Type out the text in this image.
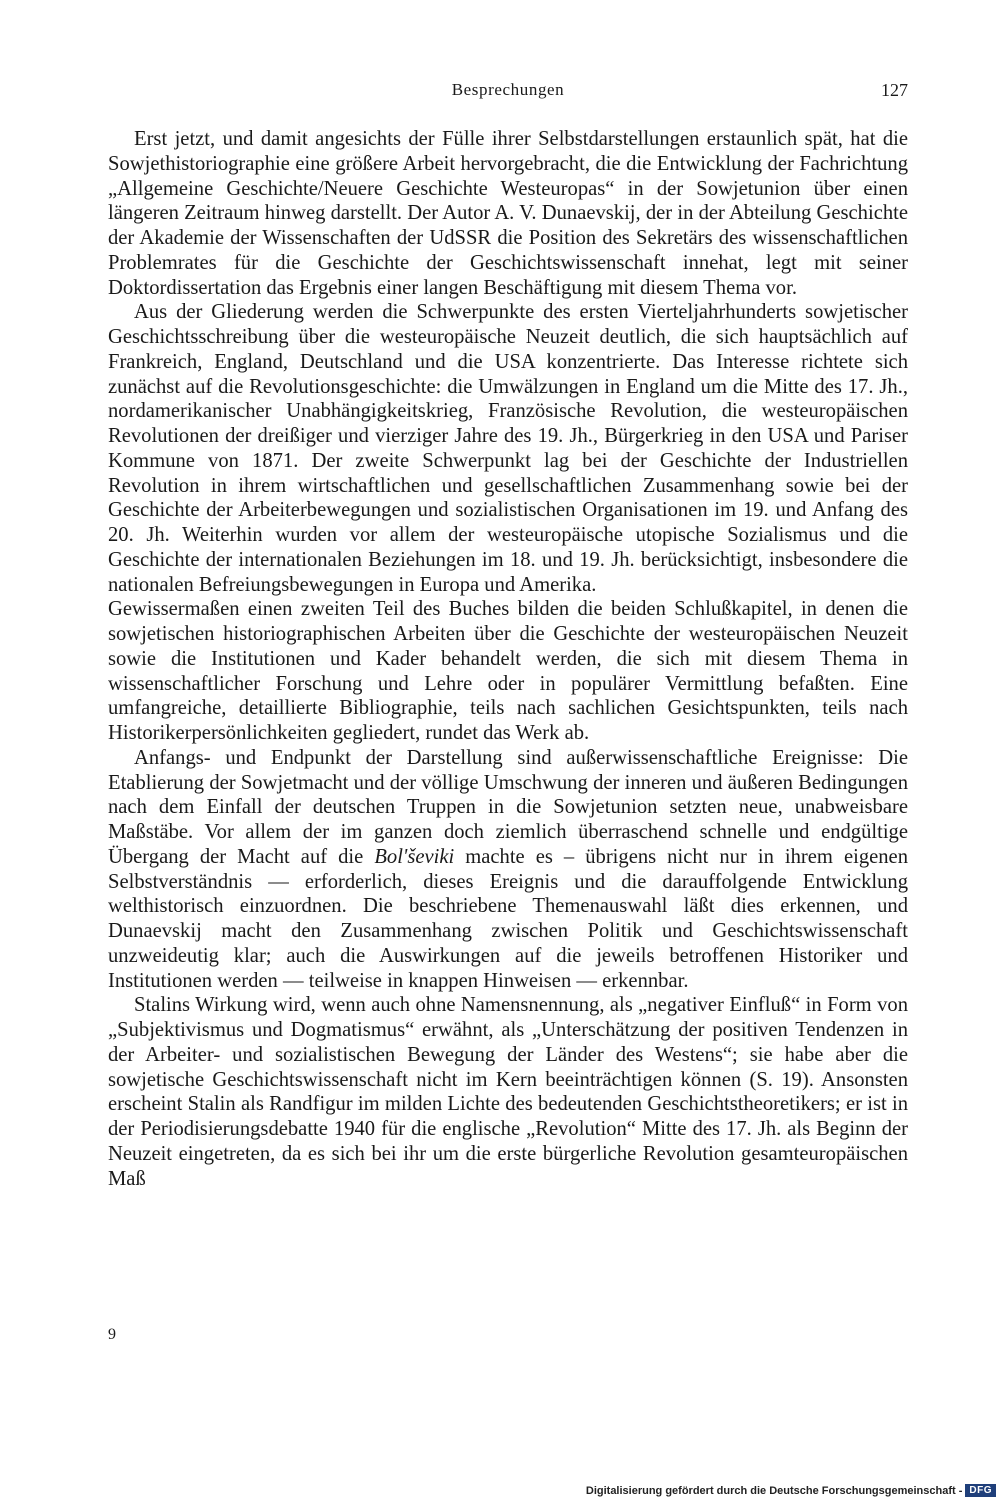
Besprechungen	127

Erst jetzt, und damit angesichts der Fülle ihrer Selbstdarstellungen erstaunlich spät, hat die Sowjethistoriographie eine größere Arbeit hervorgebracht, die die Entwicklung der Fachrichtung „Allgemeine Geschichte/Neuere Geschichte Westeuropas“ in der Sowjetunion über einen längeren Zeitraum hinweg darstellt. Der Autor A. V. Dunaevskij, der in der Abteilung Geschichte der Akademie der Wissenschaften der UdSSR die Position des Sekretärs des wissenschaftlichen Problemrates für die Geschichte der Geschichtswissenschaft innehat, legt mit seiner Doktordissertation das Ergebnis einer langen Beschäftigung mit diesem Thema vor.

Aus der Gliederung werden die Schwerpunkte des ersten Vierteljahrhunderts sowjetischer Geschichtsschreibung über die westeuropäische Neuzeit deutlich, die sich hauptsächlich auf Frankreich, England, Deutschland und die USA konzentrierte. Das Interesse richtete sich zunächst auf die Revolutionsgeschichte: die Umwälzungen in England um die Mitte des 17. Jh., nordamerikanischer Unabhängigkeitskrieg, Französische Revolution, die westeuropäischen Revolutionen der dreißiger und vierziger Jahre des 19. Jh., Bürgerkrieg in den USA und Pariser Kommune von 1871. Der zweite Schwerpunkt lag bei der Geschichte der Industriellen Revolution in ihrem wirtschaftlichen und gesellschaftlichen Zusammenhang sowie bei der Geschichte der Arbeiterbewegungen und sozialistischen Organisationen im 19. und Anfang des 20. Jh. Weiterhin wurden vor allem der westeuropäische utopische Sozialismus und die Geschichte der internationalen Beziehungen im 18. und 19. Jh. berücksichtigt, insbesondere die nationalen Befreiungsbewegungen in Europa und Amerika.

Gewissermaßen einen zweiten Teil des Buches bilden die beiden Schlußkapitel, in denen die sowjetischen historiographischen Arbeiten über die Geschichte der westeuropäischen Neuzeit sowie die Institutionen und Kader behandelt werden, die sich mit diesem Thema in wissenschaftlicher Forschung und Lehre oder in populärer Vermittlung befaßten. Eine umfangreiche, detaillierte Bibliographie, teils nach sachlichen Gesichtspunkten, teils nach Historikerpersönlichkeiten gegliedert, rundet das Werk ab.

Anfangs- und Endpunkt der Darstellung sind außerwissenschaftliche Ereignisse: Die Etablierung der Sowjetmacht und der völlige Umschwung der inneren und äußeren Bedingungen nach dem Einfall der deutschen Truppen in die Sowjetunion setzten neue, unabweisbare Maßstäbe. Vor allem der im ganzen doch ziemlich überraschend schnelle und endgültige Übergang der Macht auf die Bol'ševiki machte es – übrigens nicht nur in ihrem eigenen Selbstverständnis — erforderlich, dieses Ereignis und die darauffolgende Entwicklung welthistorisch einzuordnen. Die beschriebene Themenauswahl läßt dies erkennen, und Dunaevskij macht den Zusammenhang zwischen Politik und Geschichtswissenschaft unzweideutig klar; auch die Auswirkungen auf die jeweils betroffenen Historiker und Institutionen werden — teilweise in knappen Hinweisen — erkennbar.

Stalins Wirkung wird, wenn auch ohne Namensnennung, als „negativer Einfluß“ in Form von „Subjektivismus und Dogmatismus“ erwähnt, als „Unterschätzung der positiven Tendenzen in der Arbeiter- und sozialistischen Bewegung der Länder des Westens“; sie habe aber die sowjetische Geschichtswissenschaft nicht im Kern beeinträchtigen können (S. 19). Ansonsten erscheint Stalin als Randfigur im milden Lichte des bedeutenden Geschichtstheoretikers; er ist in der Periodisierungsdebatte 1940 für die englische „Revolution“ Mitte des 17. Jh. als Beginn der Neuzeit eingetreten, da es sich bei ihr um die erste bürgerliche Revolution gesamteuropäischen Maß

9
Digitalisierung gefördert durch die Deutsche Forschungsgemeinschaft - DFG
